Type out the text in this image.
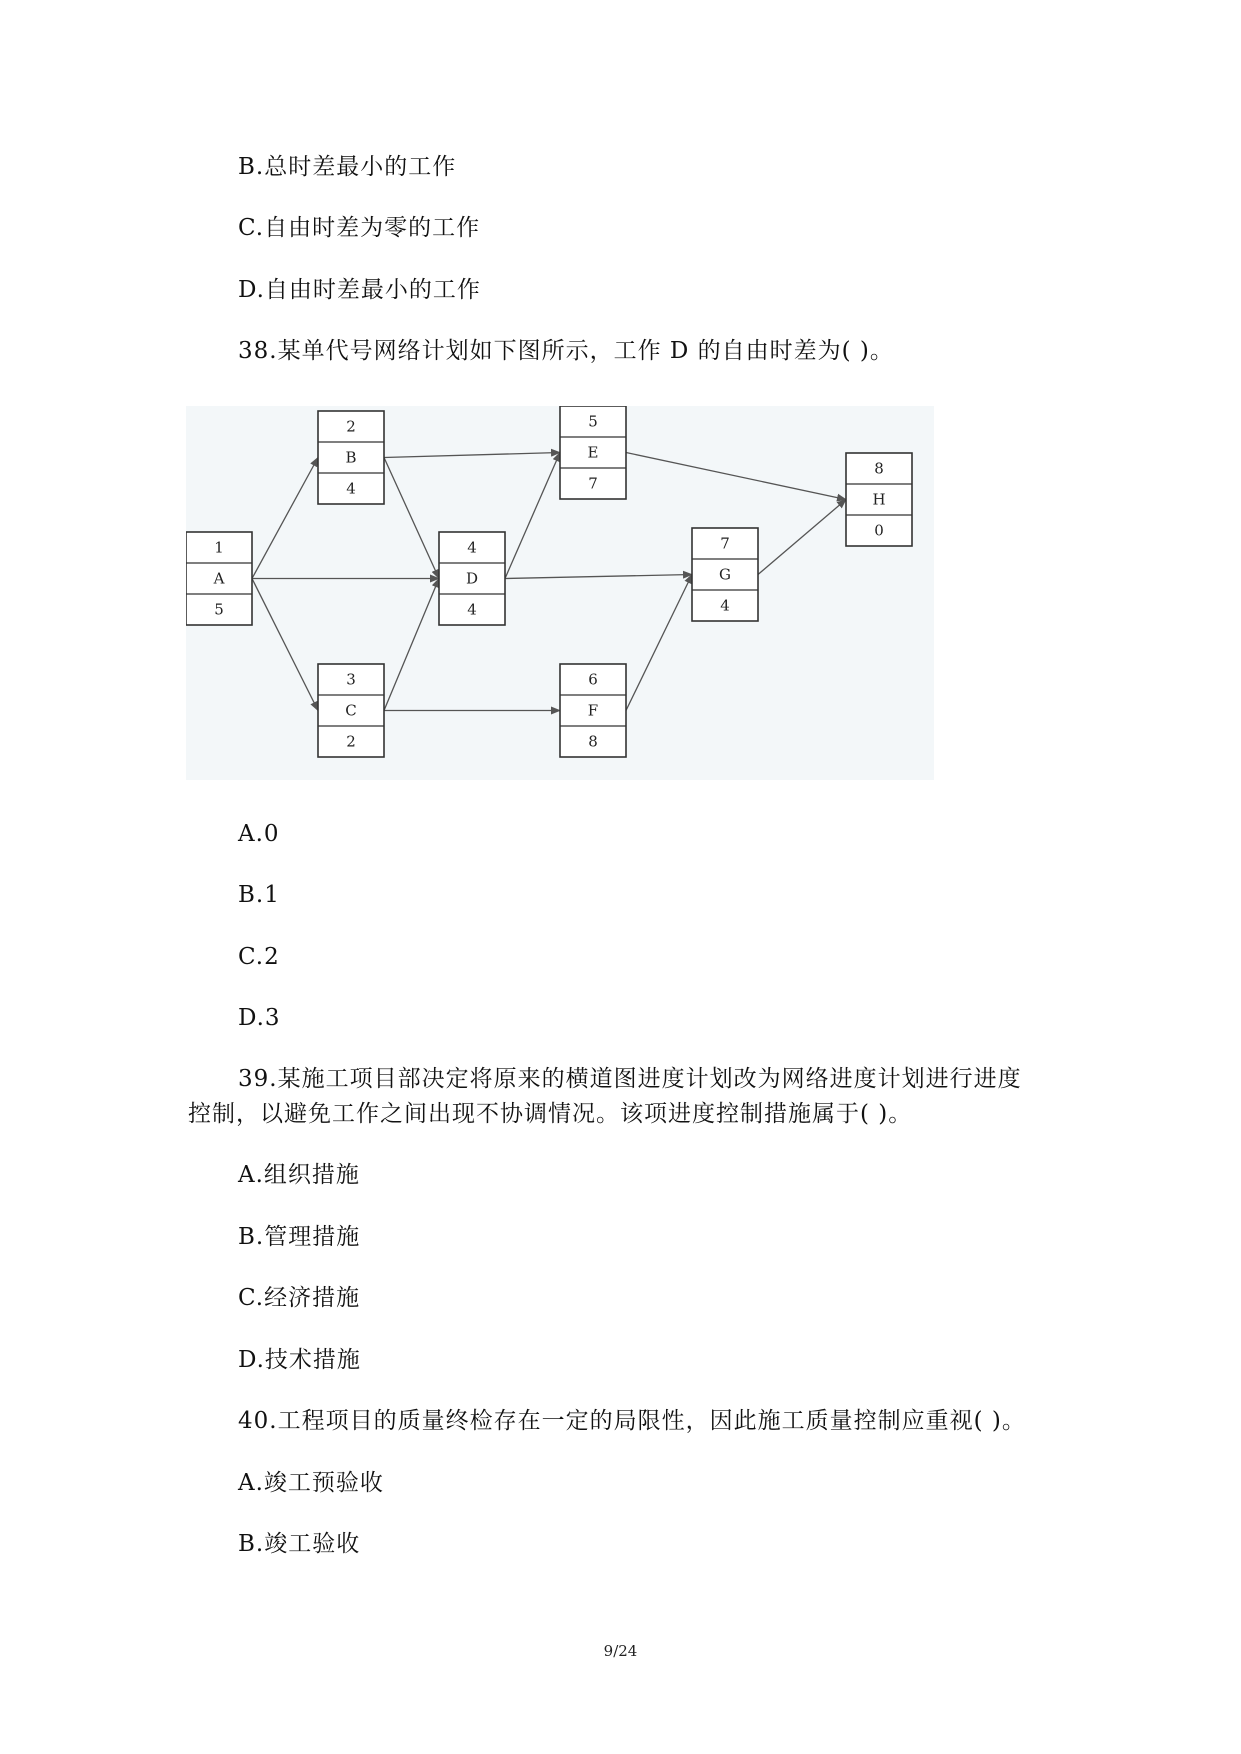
B.总时差最小的工作
C.自由时差为零的工作
D.自由时差最小的工作
38.某单代号网络计划如下图所示，工作 D 的自由时差为( )。
1
A
5
2
B
4
3
C
2
4
D
4
5
E
7
6
F
8
7
G
4
8
H
0
A.0
B.1
C.2
D.3
39.某施工项目部决定将原来的横道图进度计划改为网络进度计划进行进度
控制，以避免工作之间出现不协调情况。该项进度控制措施属于( )。
A.组织措施
B.管理措施
C.经济措施
D.技术措施
40.工程项目的质量终检存在一定的局限性，因此施工质量控制应重视( )。
A.竣工预验收
B.竣工验收
9/24
